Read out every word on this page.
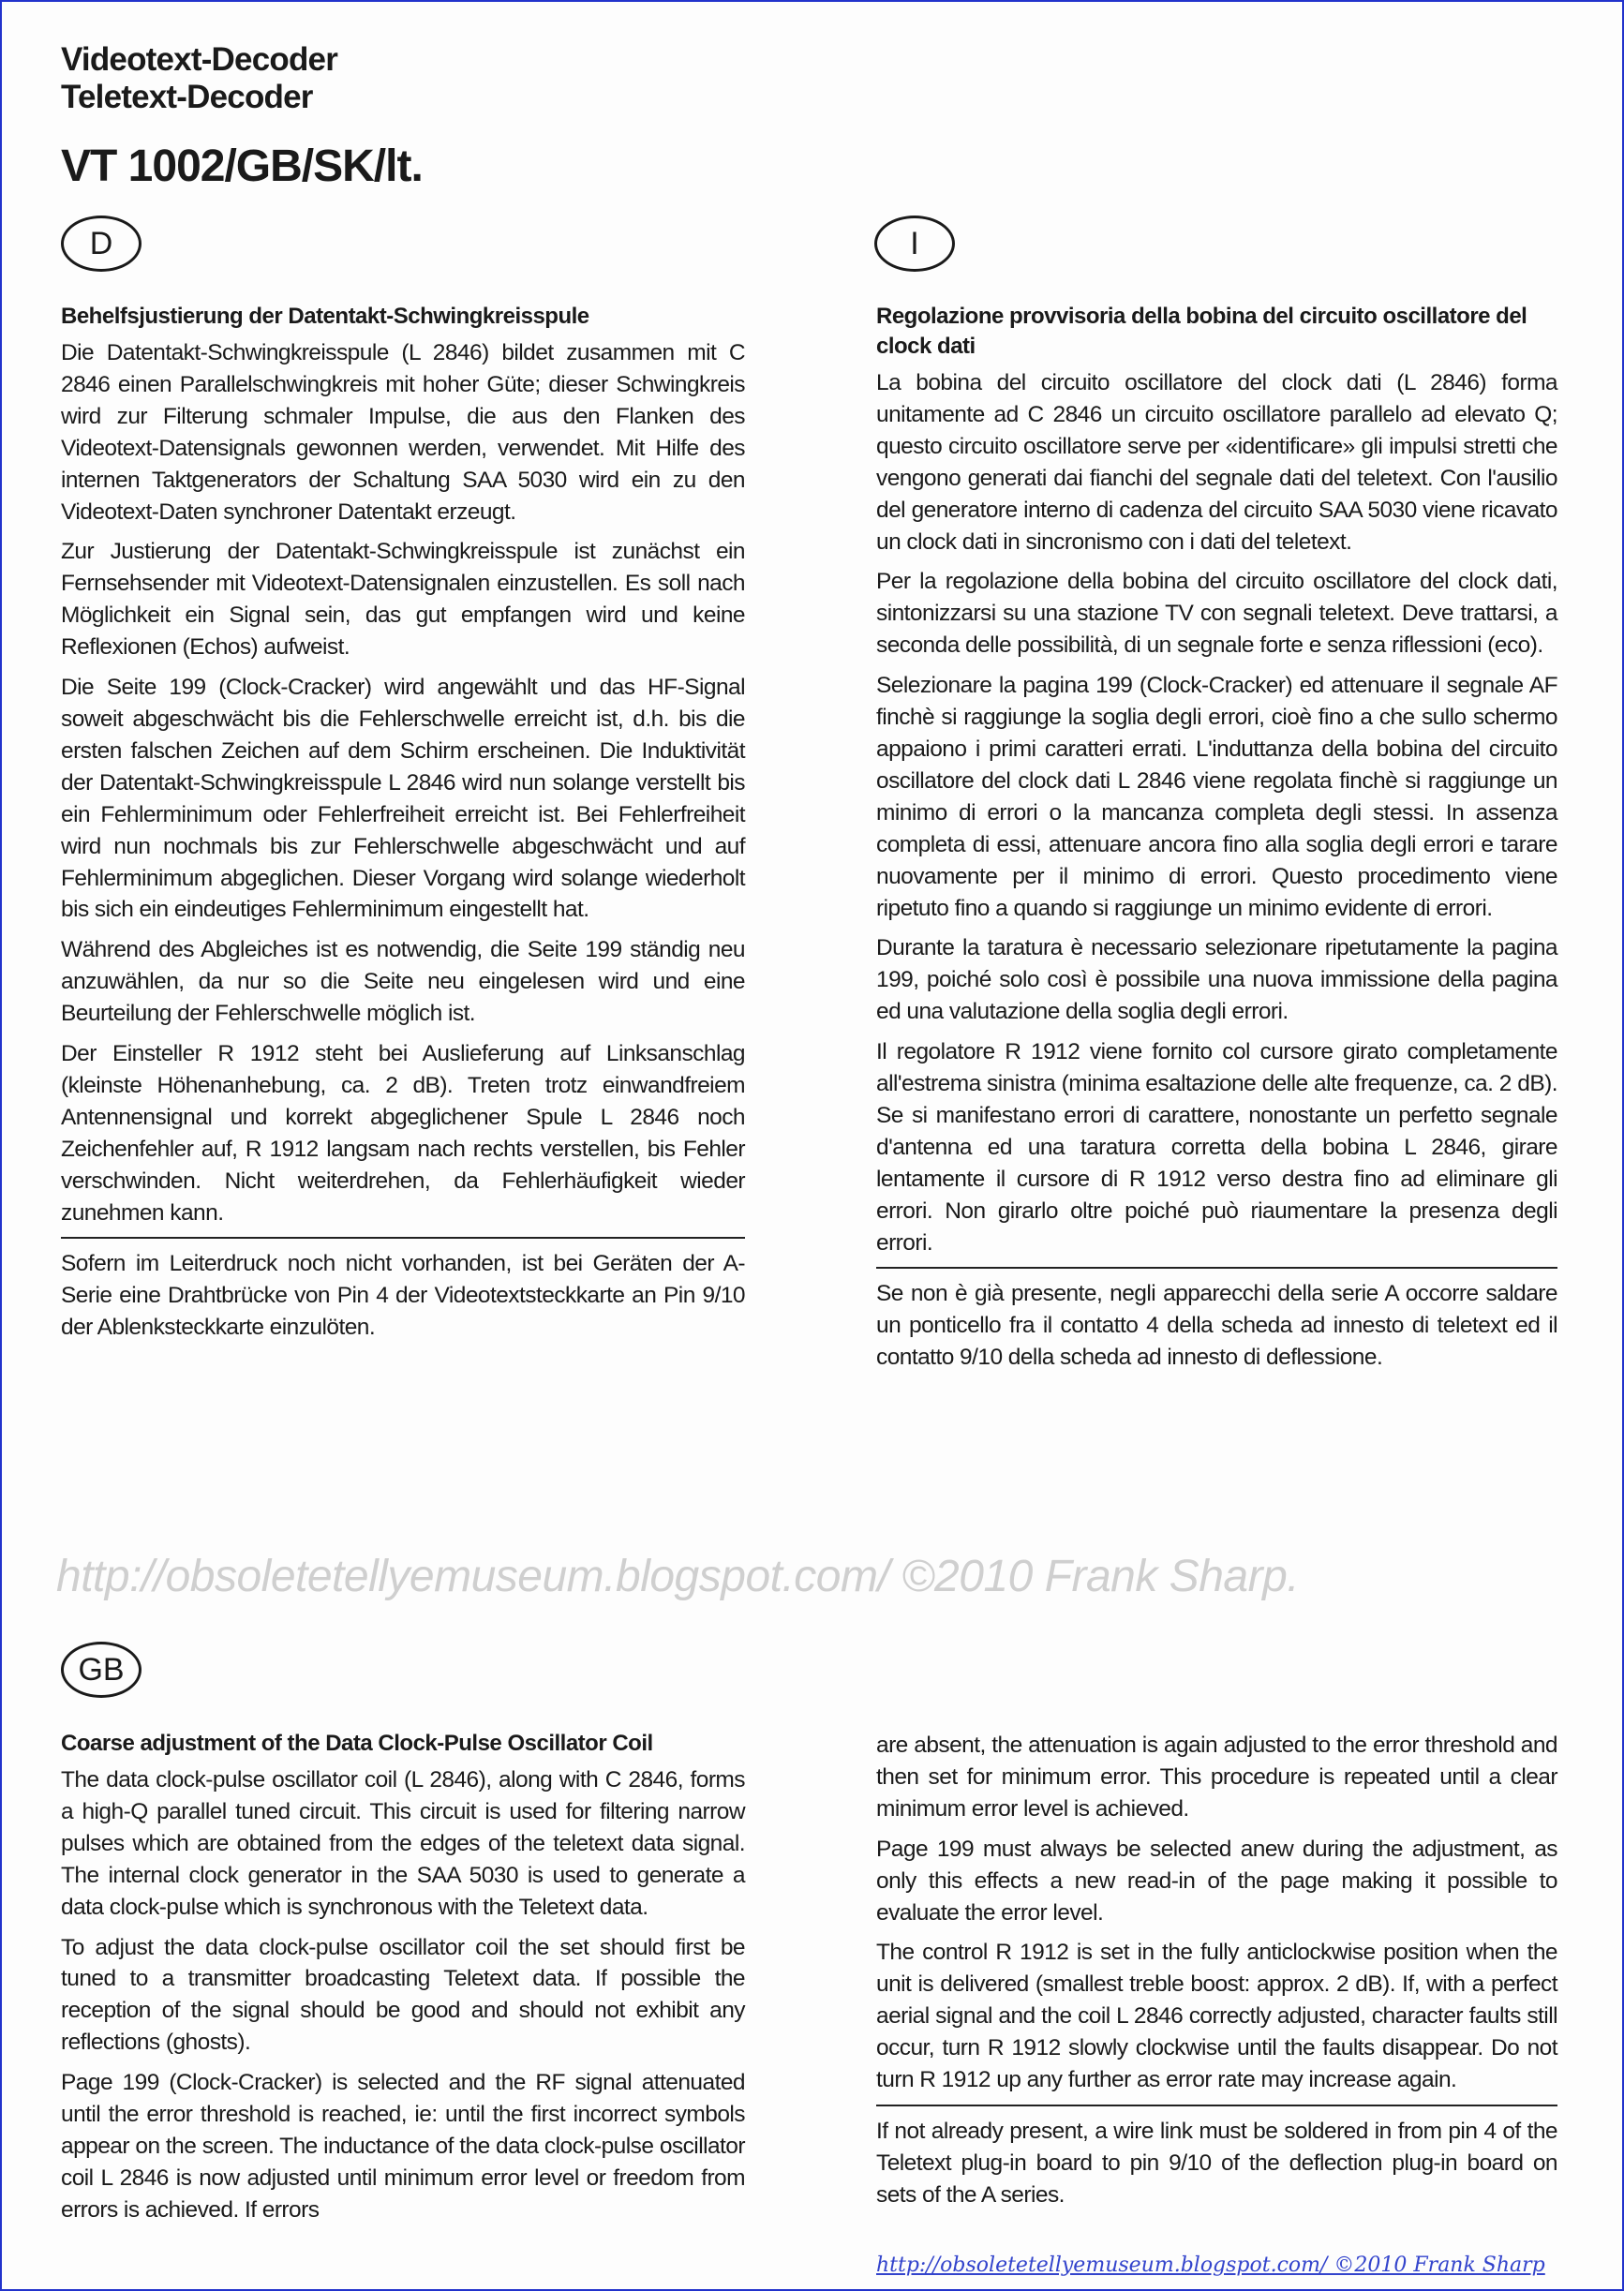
Videotext-Decoder
Teletext-Decoder
VT 1002/GB/SK/lt.
D	I
GB
Behelfsjustierung der Datentakt-Schwingkreisspule

Die Datentakt-Schwingkreisspule (L 2846) bildet zusammen mit C 2846 einen Parallelschwingkreis mit hoher Güte; dieser Schwingkreis wird zur Filterung schmaler Impulse, die aus den Flanken des Videotext-Datensignals gewonnen werden, verwendet. Mit Hilfe des internen Taktgenerators der Schaltung SAA 5030 wird ein zu den Videotext-Daten synchroner Datentakt erzeugt.

Zur Justierung der Datentakt-Schwingkreisspule ist zunächst ein Fernsehsender mit Videotext-Datensignalen einzustellen. Es soll nach Möglichkeit ein Signal sein, das gut empfangen wird und keine Reflexionen (Echos) aufweist.

Die Seite 199 (Clock-Cracker) wird angewählt und das HF-Signal soweit abgeschwächt bis die Fehlerschwelle erreicht ist, d.h. bis die ersten falschen Zeichen auf dem Schirm erscheinen. Die Induktivität der Datentakt-Schwingkreisspule L 2846 wird nun solange verstellt bis ein Fehlerminimum oder Fehlerfreiheit erreicht ist. Bei Fehlerfreiheit wird nun nochmals bis zur Fehlerschwelle abgeschwächt und auf Fehlerminimum abgeglichen. Dieser Vorgang wird solange wiederholt bis sich ein eindeutiges Fehlerminimum eingestellt hat.

Während des Abgleiches ist es notwendig, die Seite 199 ständig neu anzuwählen, da nur so die Seite neu eingelesen wird und eine Beurteilung der Fehlerschwelle möglich ist.

Der Einsteller R 1912 steht bei Auslieferung auf Linksanschlag (kleinste Höhenanhebung, ca. 2 dB). Treten trotz einwandfreiem Antennensignal und korrekt abgeglichener Spule L 2846 noch Zeichenfehler auf, R 1912 langsam nach rechts verstellen, bis Fehler verschwinden. Nicht weiterdrehen, da Fehlerhäufigkeit wieder zunehmen kann.

Sofern im Leiterdruck noch nicht vorhanden, ist bei Geräten der A-Serie eine Drahtbrücke von Pin 4 der Videotextsteckkarte an Pin 9/10 der Ablenksteckkarte einzulöten.

Regolazione provvisoria della bobina del circuito oscillatore del clock dati

La bobina del circuito oscillatore del clock dati (L 2846) forma unitamente ad C 2846 un circuito oscillatore parallelo ad elevato Q; questo circuito oscillatore serve per «identificare» gli impulsi stretti che vengono generati dai fianchi del segnale dati del teletext. Con l'ausilio del generatore interno di cadenza del circuito SAA 5030 viene ricavato un clock dati in sincronismo con i dati del teletext.

Per la regolazione della bobina del circuito oscillatore del clock dati, sintonizzarsi su una stazione TV con segnali teletext. Deve trattarsi, a seconda delle possibilità, di un segnale forte e senza riflessioni (eco).

Selezionare la pagina 199 (Clock-Cracker) ed attenuare il segnale AF finchè si raggiunge la soglia degli errori, cioè fino a che sullo schermo appaiono i primi caratteri errati. L'induttanza della bobina del circuito oscillatore del clock dati L 2846 viene regolata finchè si raggiunge un minimo di errori o la mancanza completa degli stessi. In assenza completa di essi, attenuare ancora fino alla soglia degli errori e tarare nuovamente per il minimo di errori. Questo procedimento viene ripetuto fino a quando si raggiunge un minimo evidente di errori.

Durante la taratura è necessario selezionare ripetutamente la pagina 199, poiché solo così è possibile una nuova immissione della pagina ed una valutazione della soglia degli errori.

Il regolatore R 1912 viene fornito col cursore girato completamente all'estrema sinistra (minima esaltazione delle alte frequenze, ca. 2 dB). Se si manifestano errori di carattere, nonostante un perfetto segnale d'antenna ed una taratura corretta della bobina L 2846, girare lentamente il cursore di R 1912 verso destra fino ad eliminare gli errori. Non girarlo oltre poiché può riaumentare la presenza degli errori.

Se non è già presente, negli apparecchi della serie A occorre saldare un ponticello fra il contatto 4 della scheda ad innesto di teletext ed il contatto 9/10 della scheda ad innesto di deflessione.

http://obsoletetellyemuseum.blogspot.com/ ©2010 Frank Sharp.
Coarse adjustment of the Data Clock-Pulse Oscillator Coil

The data clock-pulse oscillator coil (L 2846), along with C 2846, forms a high-Q parallel tuned circuit. This circuit is used for filtering narrow pulses which are obtained from the edges of the teletext data signal. The internal clock generator in the SAA 5030 is used to generate a data clock-pulse which is synchronous with the Teletext data.

To adjust the data clock-pulse oscillator coil the set should first be tuned to a transmitter broadcasting Teletext data. If possible the reception of the signal should be good and should not exhibit any reflections (ghosts).

Page 199 (Clock-Cracker) is selected and the RF signal attenuated until the error threshold is reached, ie: until the first incorrect symbols appear on the screen. The inductance of the data clock-pulse oscillator coil L 2846 is now adjusted until minimum error level or freedom from errors is achieved. If errors

are absent, the attenuation is again adjusted to the error threshold and then set for minimum error. This procedure is repeated until a clear minimum error level is achieved.

Page 199 must always be selected anew during the adjustment, as only this effects a new read-in of the page making it possible to evaluate the error level.

The control R 1912 is set in the fully anticlockwise position when the unit is delivered (smallest treble boost: approx. 2 dB). If, with a perfect aerial signal and the coil L 2846 correctly adjusted, character faults still occur, turn R 1912 slowly clockwise until the faults disappear. Do not turn R 1912 up any further as error rate may increase again.

If not already present, a wire link must be soldered in from pin 4 of the Teletext plug-in board to pin 9/10 of the deflection plug-in board on sets of the A series.

http://obsoletetellyemuseum.blogspot.com/ ©2010 Frank Sharp
